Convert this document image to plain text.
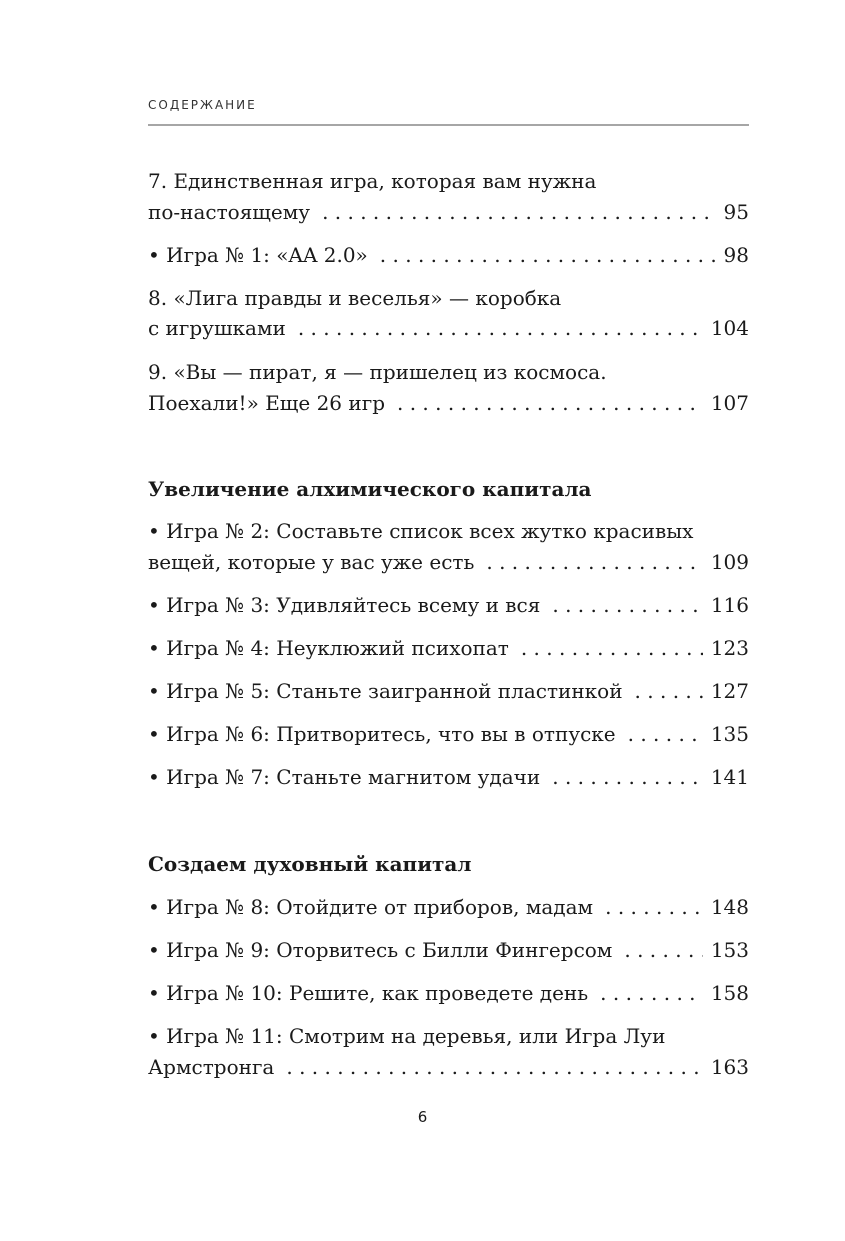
СОДЕРЖАНИЕ
7. Единственная игра, которая вам нужна
по-настоящему . . .	95
• Игра № 1: «AA 2.0» . . .	98
8. «Лига правды и веселья» — коробка
с игрушками . . .	104
9. «Вы — пират, я — пришелец из космоса.
Поехали!» Еще 26 игр . . .	107
Увеличение алхимического капитала
• Игра № 2: Составьте список всех жутко красивых
вещей, которые у вас уже есть . . .	109
• Игра № 3: Удивляйтесь всему и вся . . .	116
• Игра № 4: Неуклюжий психопат . . .	123
• Игра № 5: Станьте заигранной пластинкой . . .	127
• Игра № 6: Притворитесь, что вы в отпуске . . .	135
• Игра № 7: Станьте магнитом удачи . . .	141
Создаем духовный капитал
• Игра № 8: Отойдите от приборов, мадам . . .	148
• Игра № 9: Оторвитесь с Билли Фингерсом . . .	153
• Игра № 10: Решите, как проведете день . . .	158
• Игра № 11: Смотрим на деревья, или Игра Луи
Армстронга . . .	163
6
